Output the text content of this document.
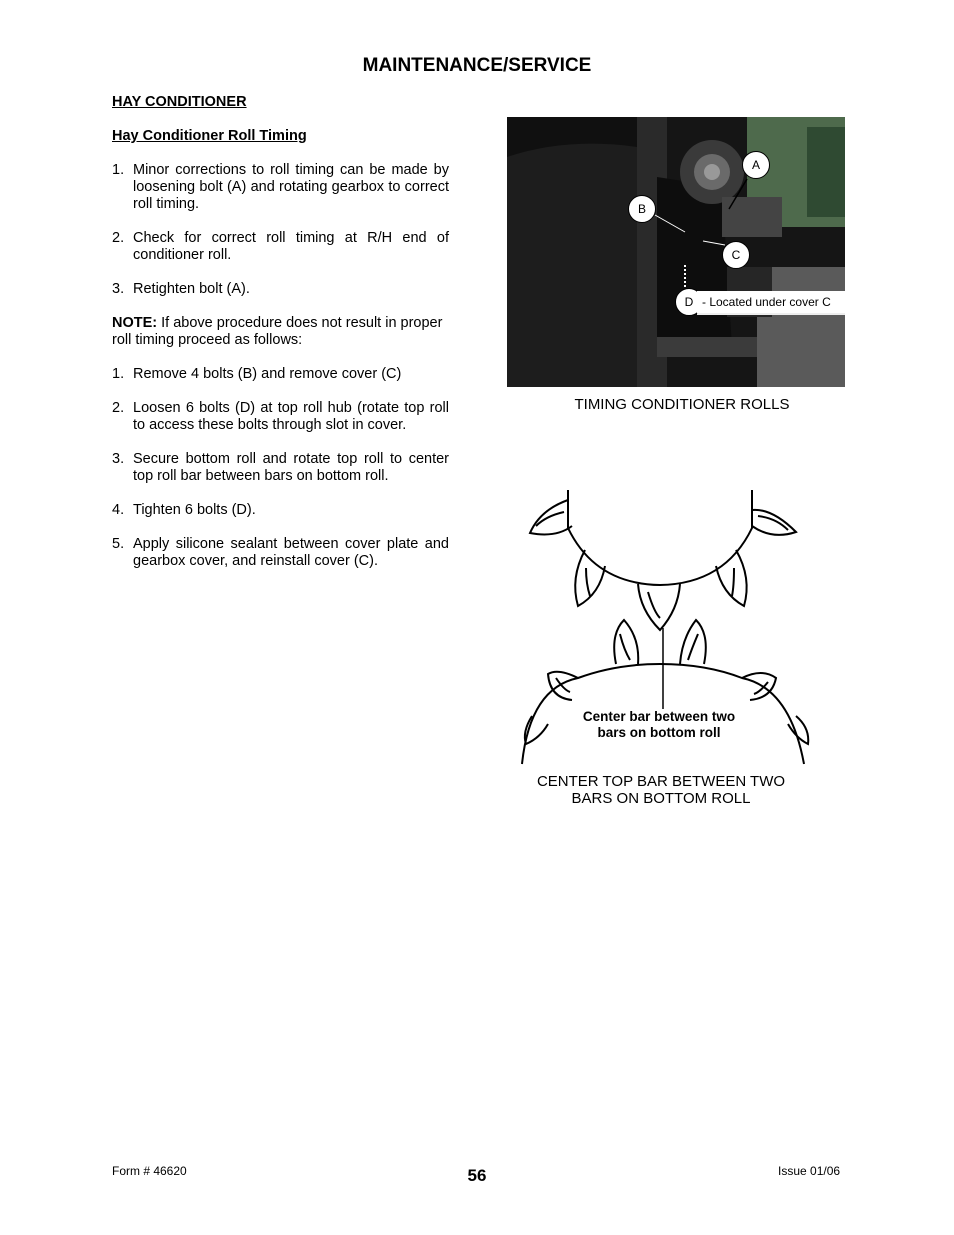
MAINTENANCE/SERVICE

HAY CONDITIONER

Hay Conditioner Roll Timing

1. Minor corrections to roll timing can be made by loosening bolt (A) and rotating gearbox to correct roll timing.
2. Check for correct roll timing at R/H end of conditioner roll.
3. Retighten bolt (A).

NOTE: If above procedure does not result in proper roll timing proceed as follows:

1. Remove 4 bolts (B) and remove cover (C)
2. Loosen 6 bolts (D) at top roll hub (rotate top roll to access these bolts through slot in cover.
3. Secure bottom roll and rotate top roll to center top roll bar between bars on bottom roll.
4. Tighten 6 bolts (D).
5. Apply silicone sealant between cover plate and gearbox cover, and reinstall cover (C).
A
B
C
D - Located under cover C
TIMING CONDITIONER ROLLS
Center bar between two bars on bottom roll
CENTER TOP BAR BETWEEN TWO BARS ON BOTTOM ROLL
Form # 46620	56	Issue 01/06
